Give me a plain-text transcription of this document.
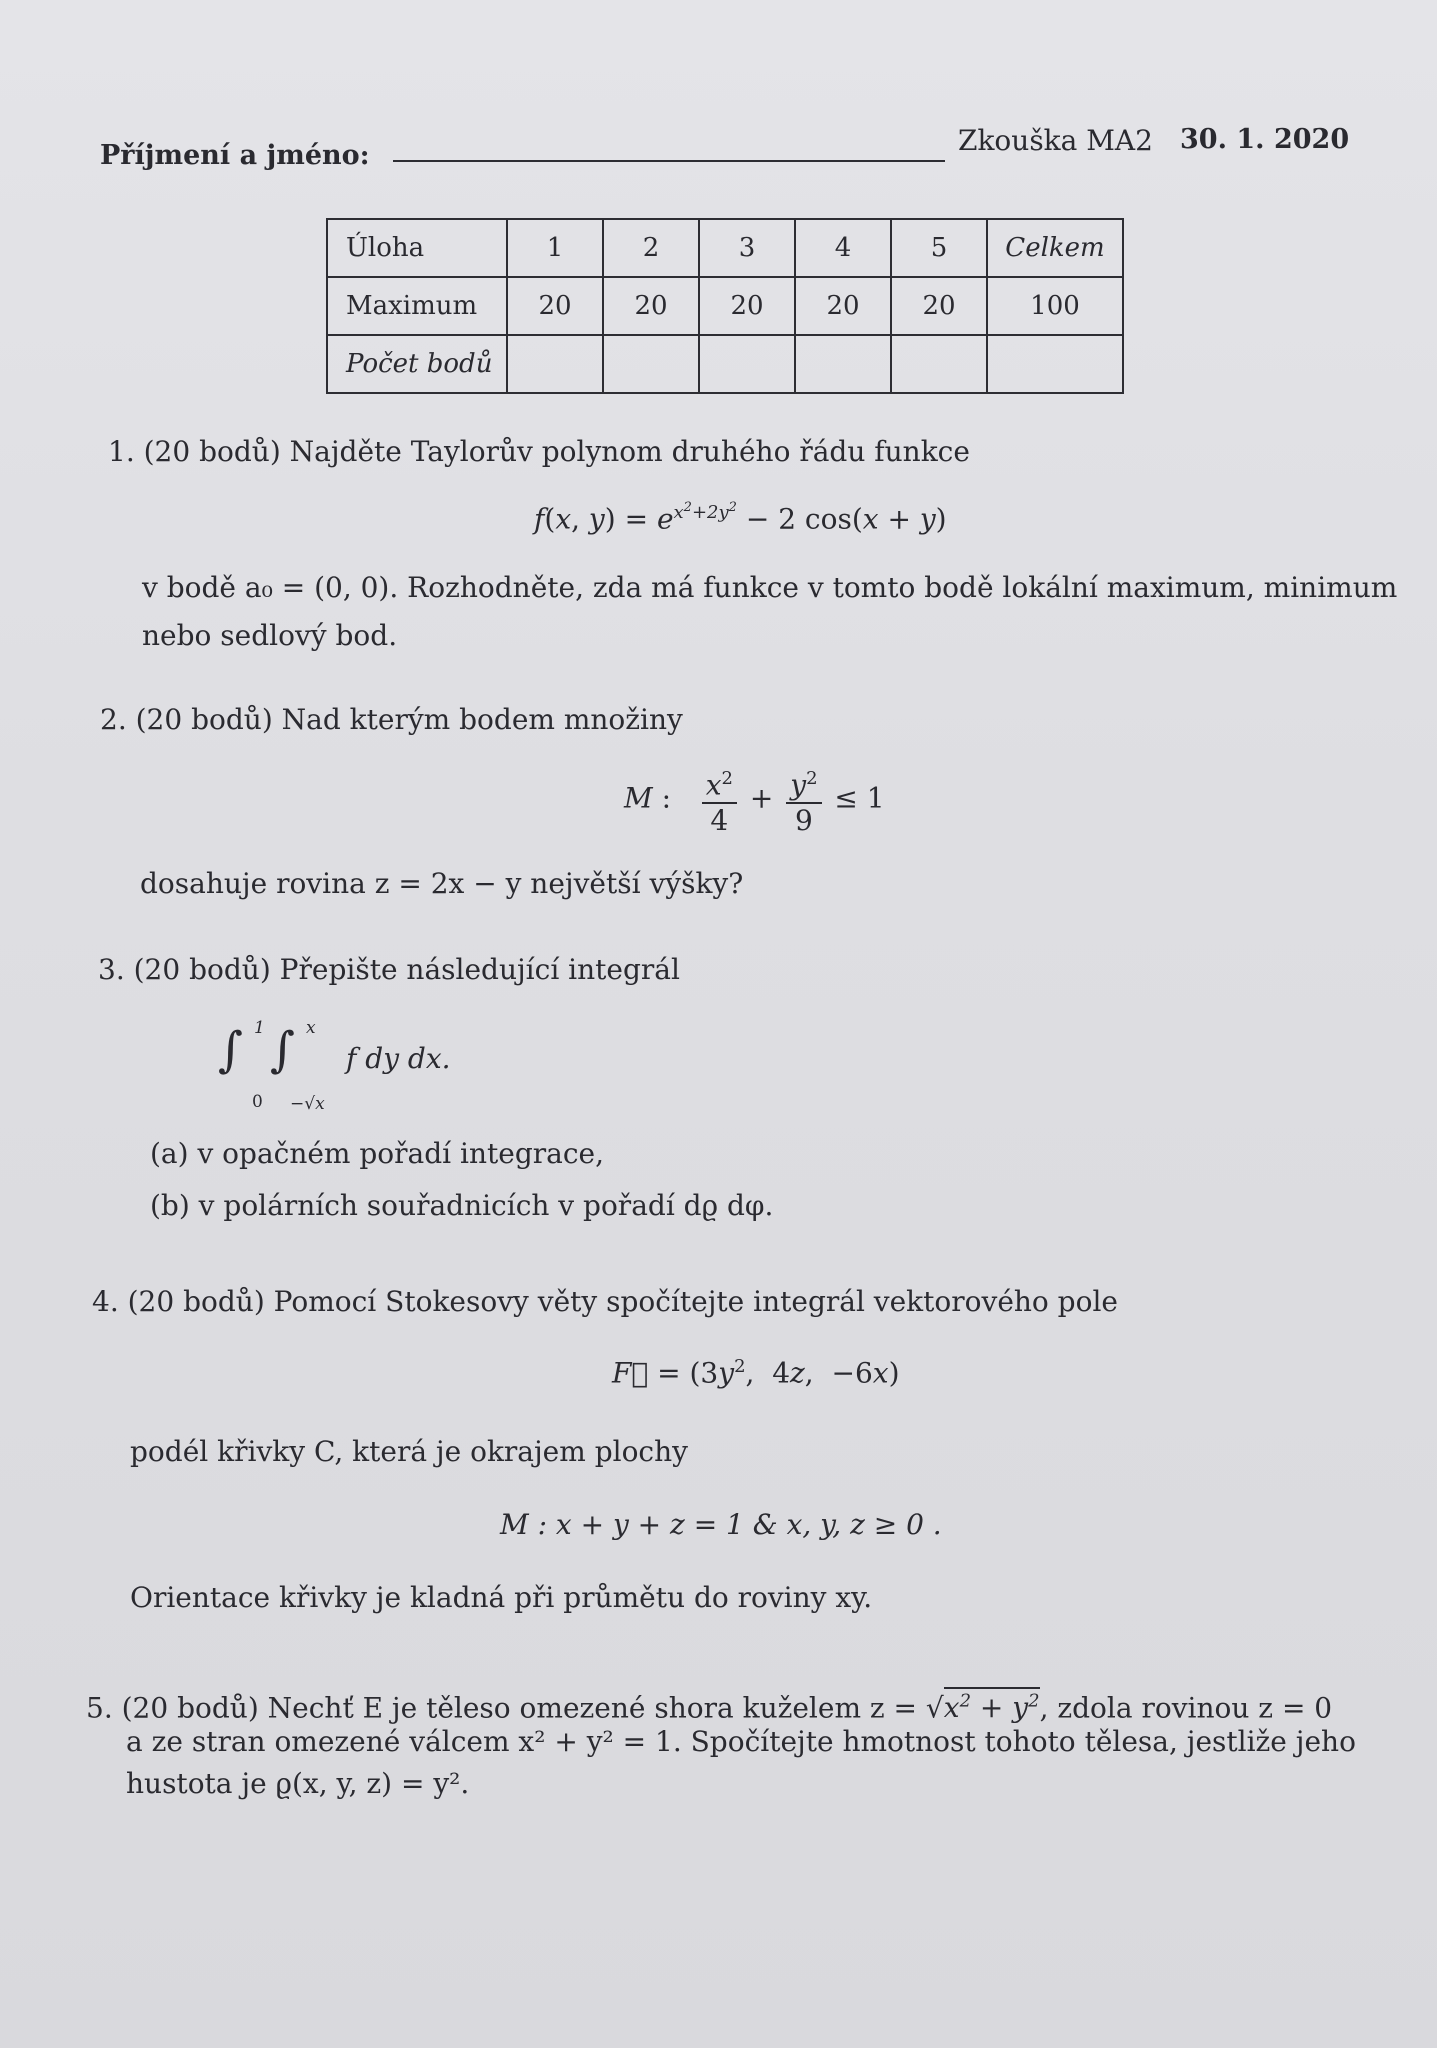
Příjmení a jméno:	Zkouška MA2 30. 1. 2020
Úloha	1	2	3	4	5	Celkem
Maximum	20	20	20	20	20	100
Počet bodů						
1. (20 bodů) Najděte Taylorův polynom druhého řádu funkce
f(x, $y) = e^{x^2+2y^2} - 2$ cos(x + y)
v bodě a₀ = (0, 0). Rozhodněte, zda má funkce v tomto bodě lokální maximum, minimum
nebo sedlový bod.
2. (20 bodů) Nad kterým bodem množiny
M : $\frac{x^2}{4} + \frac{y^2}{9} \le 1$
dosahuje rovina z = 2x − y největší výšky?
3. (20 bodů) Přepište následující integrál
∫ 1
0
∫ x
−√x
f dy dx.
(a) v opačném pořadí integrace,
(b) v polárních souřadnicích v pořadí dϱ dφ.
4. (20 bodů) Pomocí Stokesovy věty spočítejte integrál vektorového pole
F⃗ = ($3y^2$,  4z,  −6x)
podél křivky C, která je okrajem plochy
M : x + y + z = 1 & x, y, z ≥ 0 .
Orientace křivky je kladná při průmětu do roviny xy.
5. (20 bodů) Nechť E je těleso omezené shora kuželem $z = √x^2 + y^2$, zdola rovinou z = 0
a ze stran omezené válcem x² + y² = 1. Spočítejte hmotnost tohoto tělesa, jestliže jeho
hustota je ϱ(x, y, z) = y².
